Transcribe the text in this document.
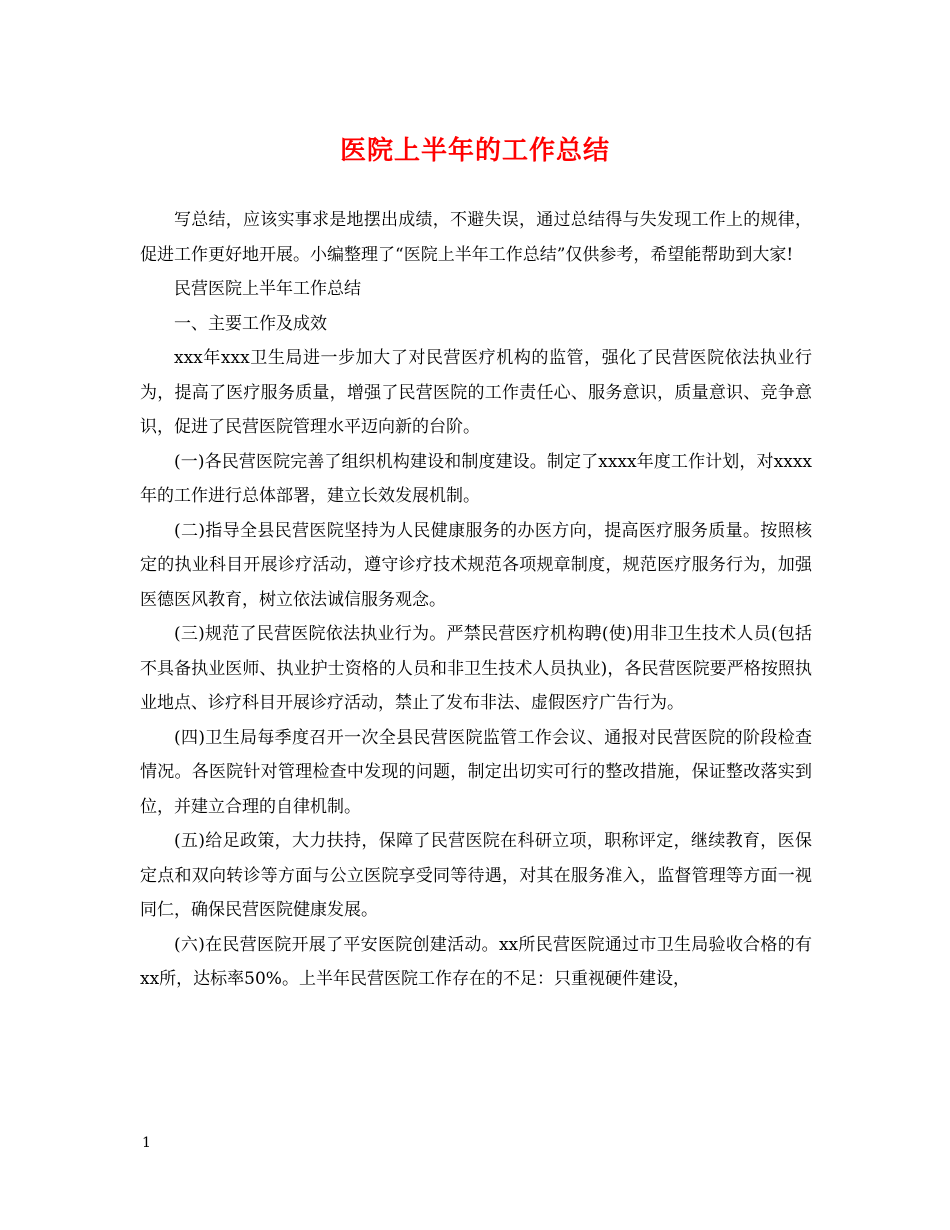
医院上半年的工作总结

写总结，应该实事求是地摆出成绩，不避失误，通过总结得与失发现工作上的规律，促进工作更好地开展。小编整理了“医院上半年工作总结”仅供参考，希望能帮助到大家!

民营医院上半年工作总结

一、主要工作及成效

xxx年xxx卫生局进一步加大了对民营医疗机构的监管，强化了民营医院依法执业行为，提高了医疗服务质量，增强了民营医院的工作责任心、服务意识，质量意识、竞争意识，促进了民营医院管理水平迈向新的台阶。

(一)各民营医院完善了组织机构建设和制度建设。制定了xxxx年度工作计划，对xxxx年的工作进行总体部署，建立长效发展机制。

(二)指导全县民营医院坚持为人民健康服务的办医方向，提高医疗服务质量。按照核定的执业科目开展诊疗活动，遵守诊疗技术规范各项规章制度，规范医疗服务行为，加强医德医风教育，树立依法诚信服务观念。

(三)规范了民营医院依法执业行为。严禁民营医疗机构聘(使)用非卫生技术人员(包括不具备执业医师、执业护士资格的人员和非卫生技术人员执业)，各民营医院要严格按照执业地点、诊疗科目开展诊疗活动，禁止了发布非法、虚假医疗广告行为。

(四)卫生局每季度召开一次全县民营医院监管工作会议、通报对民营医院的阶段检查情况。各医院针对管理检查中发现的问题，制定出切实可行的整改措施，保证整改落实到位，并建立合理的自律机制。

(五)给足政策，大力扶持，保障了民营医院在科研立项，职称评定，继续教育，医保定点和双向转诊等方面与公立医院享受同等待遇，对其在服务准入，监督管理等方面一视同仁，确保民营医院健康发展。

(六)在民营医院开展了平安医院创建活动。xx所民营医院通过市卫生局验收合格的有xx所，达标率50%。上半年民营医院工作存在的不足：只重视硬件建设，

1
